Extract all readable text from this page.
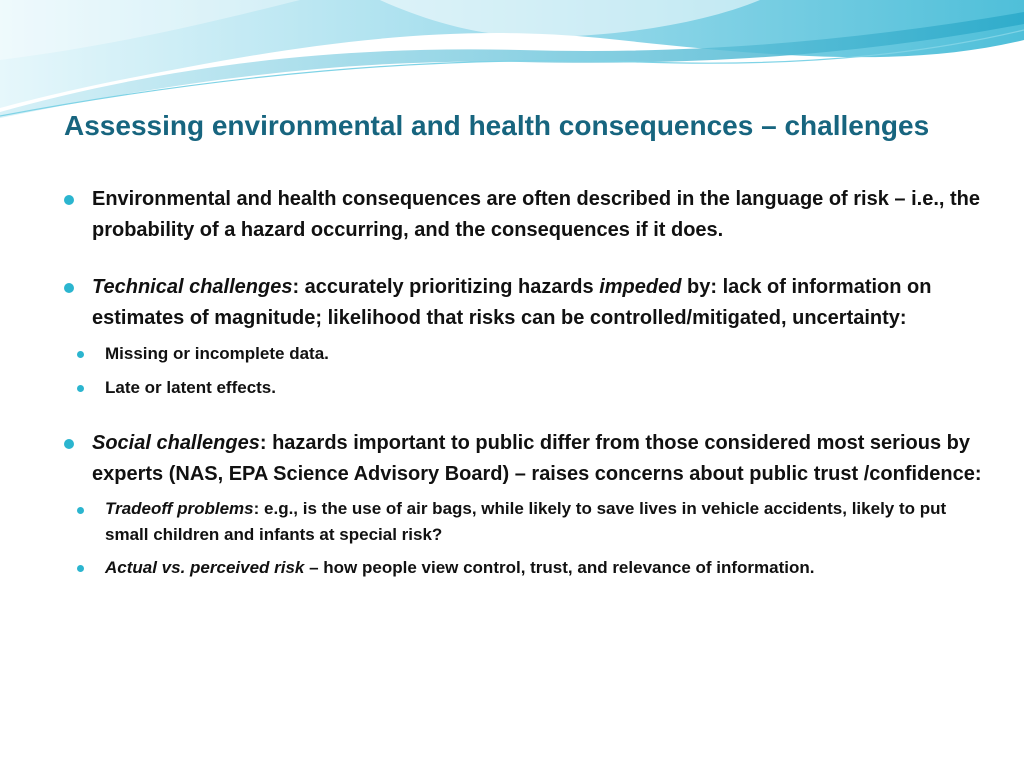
Assessing environmental and health consequences – challenges
Environmental and health consequences are often described in the language of risk – i.e., the probability of a hazard occurring, and the consequences if it does.
Technical challenges: accurately prioritizing hazards impeded by: lack of information on estimates of magnitude; likelihood that risks can be controlled/mitigated, uncertainty:
Missing or incomplete data.
Late or latent effects.
Social challenges: hazards important to public differ from those considered most serious by experts (NAS, EPA Science Advisory Board) – raises concerns about public trust /confidence:
Tradeoff problems: e.g., is the use of air bags, while likely to save lives in vehicle accidents, likely to put small children and infants at special risk?
Actual vs. perceived risk – how people view control, trust, and relevance of information.
